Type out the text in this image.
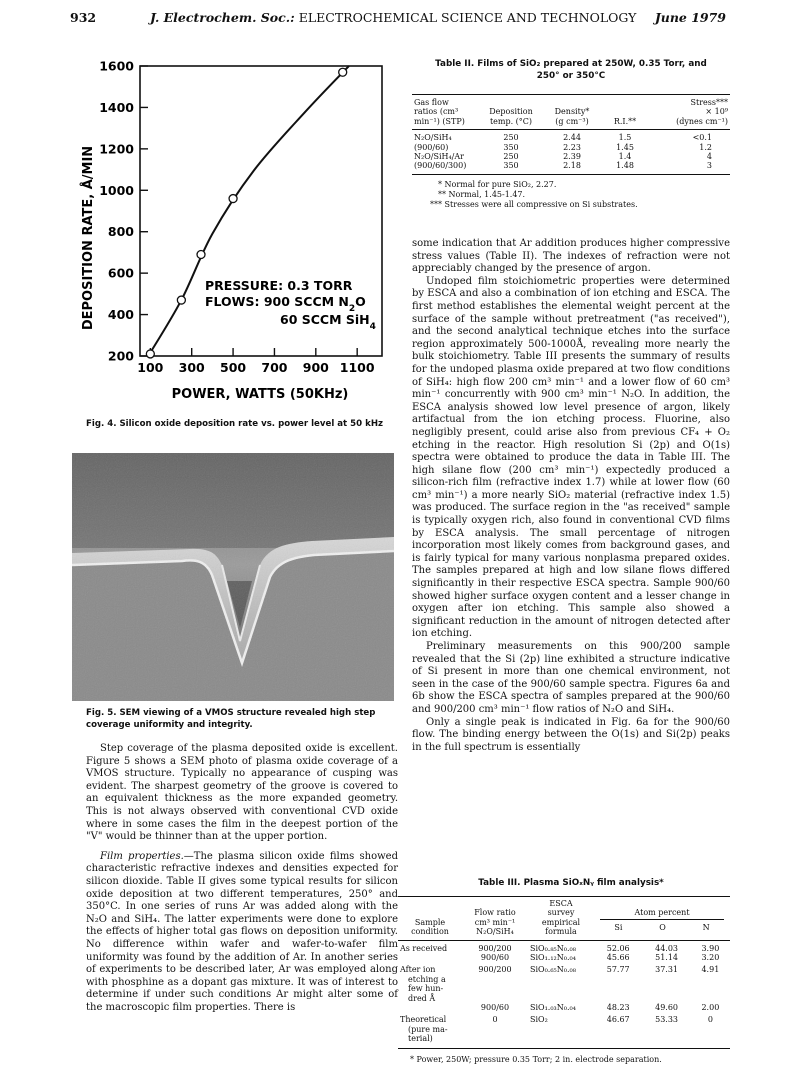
932	J. Electrochem. Soc.: ELECTROCHEMICAL SCIENCE AND TECHNOLOGY June 1979
200
400
600
800
1000
1200
1400
1600
100 300 500 700 900 1100
PRESSURE: 0.3 TORR
FLOWS: 900 SCCM $N_2O$
60 SCCM SiH$_4$
POWER, WATTS (50KHz)
DEPOSITION RATE, Å/MIN
Fig. 4. Silicon oxide deposition rate vs. power level at 50 kHz
Fig. 5. SEM viewing of a VMOS structure revealed high step coverage uniformity and integrity.

Step coverage of the plasma deposited oxide is excellent. Figure 5 shows a SEM photo of plasma oxide coverage of a VMOS structure. Typically no appearance of cusping was evident. The sharpest geometry of the groove is covered to an equivalent thickness as the more expanded geometry. This is not always observed with conventional CVD oxide where in some cases the film in the deepest portion of the "V" would be thinner than at the upper portion.

Film properties.—The plasma silicon oxide films showed characteristic refractive indexes and densities expected for silicon dioxide. Table II gives some typical results for silicon oxide deposition at two different temperatures, 250° and 350°C. In one series of runs Ar was added along with the N₂O and SiH₄. The latter experiments were done to explore the effects of higher total gas flows on deposition uniformity. No difference within wafer and wafer-to-wafer film uniformity was found by the addition of Ar. In another series of experiments to be described later, Ar was employed along with phosphine as a dopant gas mixture. It was of interest to determine if under such conditions Ar might alter some of the macroscopic film properties. There is

Table II. Films of SiO₂ prepared at 250W, 0.35 Torr, and
250° or 350°C
Gas flow
ratios (cm³
min⁻¹) (STP)

Deposition
temp. (°C)

Density*
(g cm⁻³)	R.I.**

Stress***
× 10⁹
(dynes cm⁻¹)
N₂O/SiH₄	250	2.44	1.5	<0.1
(900/60)	350	2.23	1.45	1.2
N₂O/SiH₄/Ar	250	2.39	1.4	4
(900/60/300)	350	2.18	1.48	3
* Normal for pure SiO₂, 2.27.
** Normal, 1.45-1.47.
*** Stresses were all compressive on Si substrates.

some indication that Ar addition produces higher compressive stress values (Table II). The indexes of refraction were not appreciably changed by the presence of argon.

Undoped film stoichiometric properties were determined by ESCA and also a combination of ion etching and ESCA. The first method establishes the elemental weight percent at the surface of the sample without pretreatment ("as received"), and the second analytical technique etches into the surface region approximately 500-1000Å, revealing more nearly the bulk stoichiometry. Table III presents the summary of results for the undoped plasma oxide prepared at two flow conditions of SiH₄: high flow 200 cm³ min⁻¹ and a lower flow of 60 cm³ min⁻¹ concurrently with 900 cm³ min⁻¹ N₂O. In addition, the ESCA analysis showed low level presence of argon, likely artifactual from the ion etching process. Fluorine, also negligibly present, could arise also from previous CF₄ + O₂ etching in the reactor. High resolution Si (2p) and O(1s) spectra were obtained to produce the data in Table III. The high silane flow (200 cm³ min⁻¹) expectedly produced a silicon-rich film (refractive index 1.7) while at lower flow (60 cm³ min⁻¹) a more nearly SiO₂ material (refractive index 1.5) was produced. The surface region in the "as received" sample is typically oxygen rich, also found in conventional CVD films by ESCA analysis. The small percentage of nitrogen incorporation most likely comes from background gases, and is fairly typical for many various nonplasma prepared oxides. The samples prepared at high and low silane flows differed significantly in their respective ESCA spectra. Sample 900/60 showed higher surface oxygen content and a lesser change in oxygen after ion etching. This sample also showed a significant reduction in the amount of nitrogen detected after ion etching.

Preliminary measurements on this 900/200 sample revealed that the Si (2p) line exhibited a structure indicative of Si present in more than one chemical environment, not seen in the case of the 900/60 sample spectra. Figures 6a and 6b show the ESCA spectra of samples prepared at the 900/60 and 900/200 cm³ min⁻¹ flow ratios of N₂O and SiH₄.

Only a single peak is indicated in Fig. 6a for the 900/60 flow. The binding energy between the O(1s) and Si(2p) peaks in the full spectrum is essentially

Table III. Plasma SiOₓNᵧ film analysis*
Sample
condition

Flow ratio
cm³ min⁻¹
N₂O/SiH₄

ESCA
survey
empirical
formula

Atom percent
Si	O	N
As received	900/200	SiO₀.₈₅N₀.₀₈	52.06	44.03	3.90

	900/60	SiO₁.₁₂N₀.₀₄	45.66	51.14	3.20

After ion
etching a
few hun-
dred Å	900/200	SiO₀.₆₅N₀.₀₈	57.77	37.31	4.91

	900/60	SiO₁.₀₃N₀.₀₄	48.23	49.60	2.00

Theoretical
(pure ma-
terial)	0	SiO₂	46.67	53.33	0
* Power, 250W; pressure 0.35 Torr; 2 in. electrode separation.
